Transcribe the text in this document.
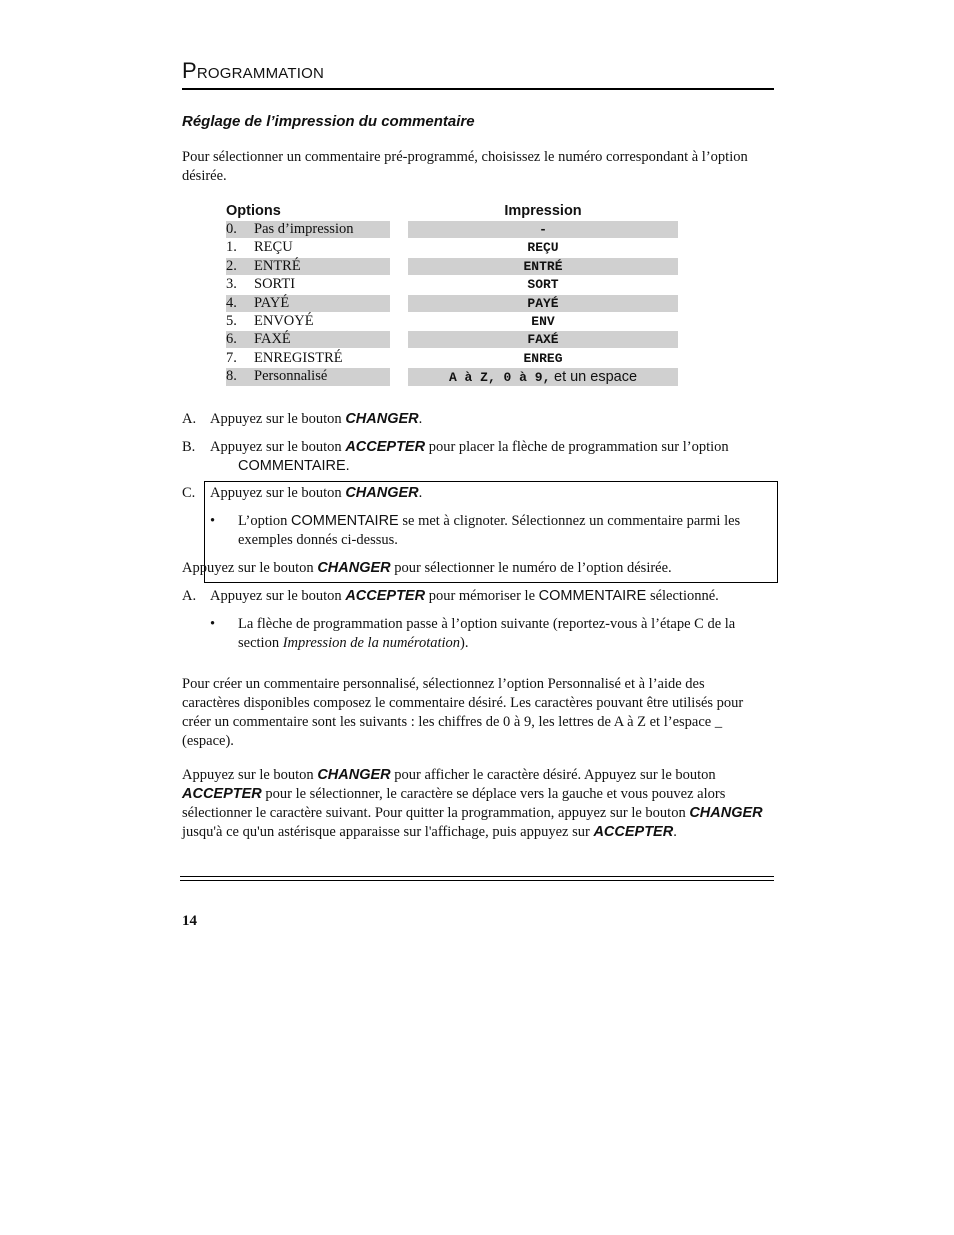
PROGRAMMATION
Réglage de l’impression du commentaire
Pour sélectionner un commentaire pré-programmé, choisissez le numéro correspondant à l’option désirée.
Options	Impression
0. Pas d’impression	-
1. REÇU	REÇU
2. ENTRÉ	ENTRÉ
3. SORTI	SORT
4. PAYÉ	PAYÉ
5. ENVOYÉ	ENV
6. FAXÉ	FAXÉ
7. ENREGISTRÉ	ENREG
8. Personnalisé	A à Z, 0 à 9, et un espace
A. Appuyez sur le bouton CHANGER.
B. Appuyez sur le bouton ACCEPTER pour placer la flèche de programmation sur l’option
COMMENTAIRE.
C. Appuyez sur le bouton CHANGER.
• L’option COMMENTAIRE se met à clignoter. Sélectionnez un commentaire parmi les exemples donnés ci-dessus.
Appuyez sur le bouton CHANGER pour sélectionner le numéro de l’option désirée.
A. Appuyez sur le bouton ACCEPTER pour mémoriser le COMMENTAIRE sélectionné.
• La flèche de programmation passe à l’option suivante (reportez-vous à l’étape C de la section Impression de la numérotation).
Pour créer un commentaire personnalisé, sélectionnez l’option Personnalisé et à l’aide des caractères disponibles composez le commentaire désiré. Les caractères pouvant être utilisés pour créer un commentaire sont les suivants : les chiffres de 0 à 9, les lettres de A à Z et l’espace _ (espace).
Appuyez sur le bouton CHANGER pour afficher le caractère désiré. Appuyez sur le bouton ACCEPTER pour le sélectionner, le caractère se déplace vers la gauche et vous pouvez alors sélectionner le caractère suivant. Pour quitter la programmation, appuyez sur le bouton CHANGER jusqu'à ce qu'un astérisque apparaisse sur l'affichage, puis appuyez sur ACCEPTER.
14
